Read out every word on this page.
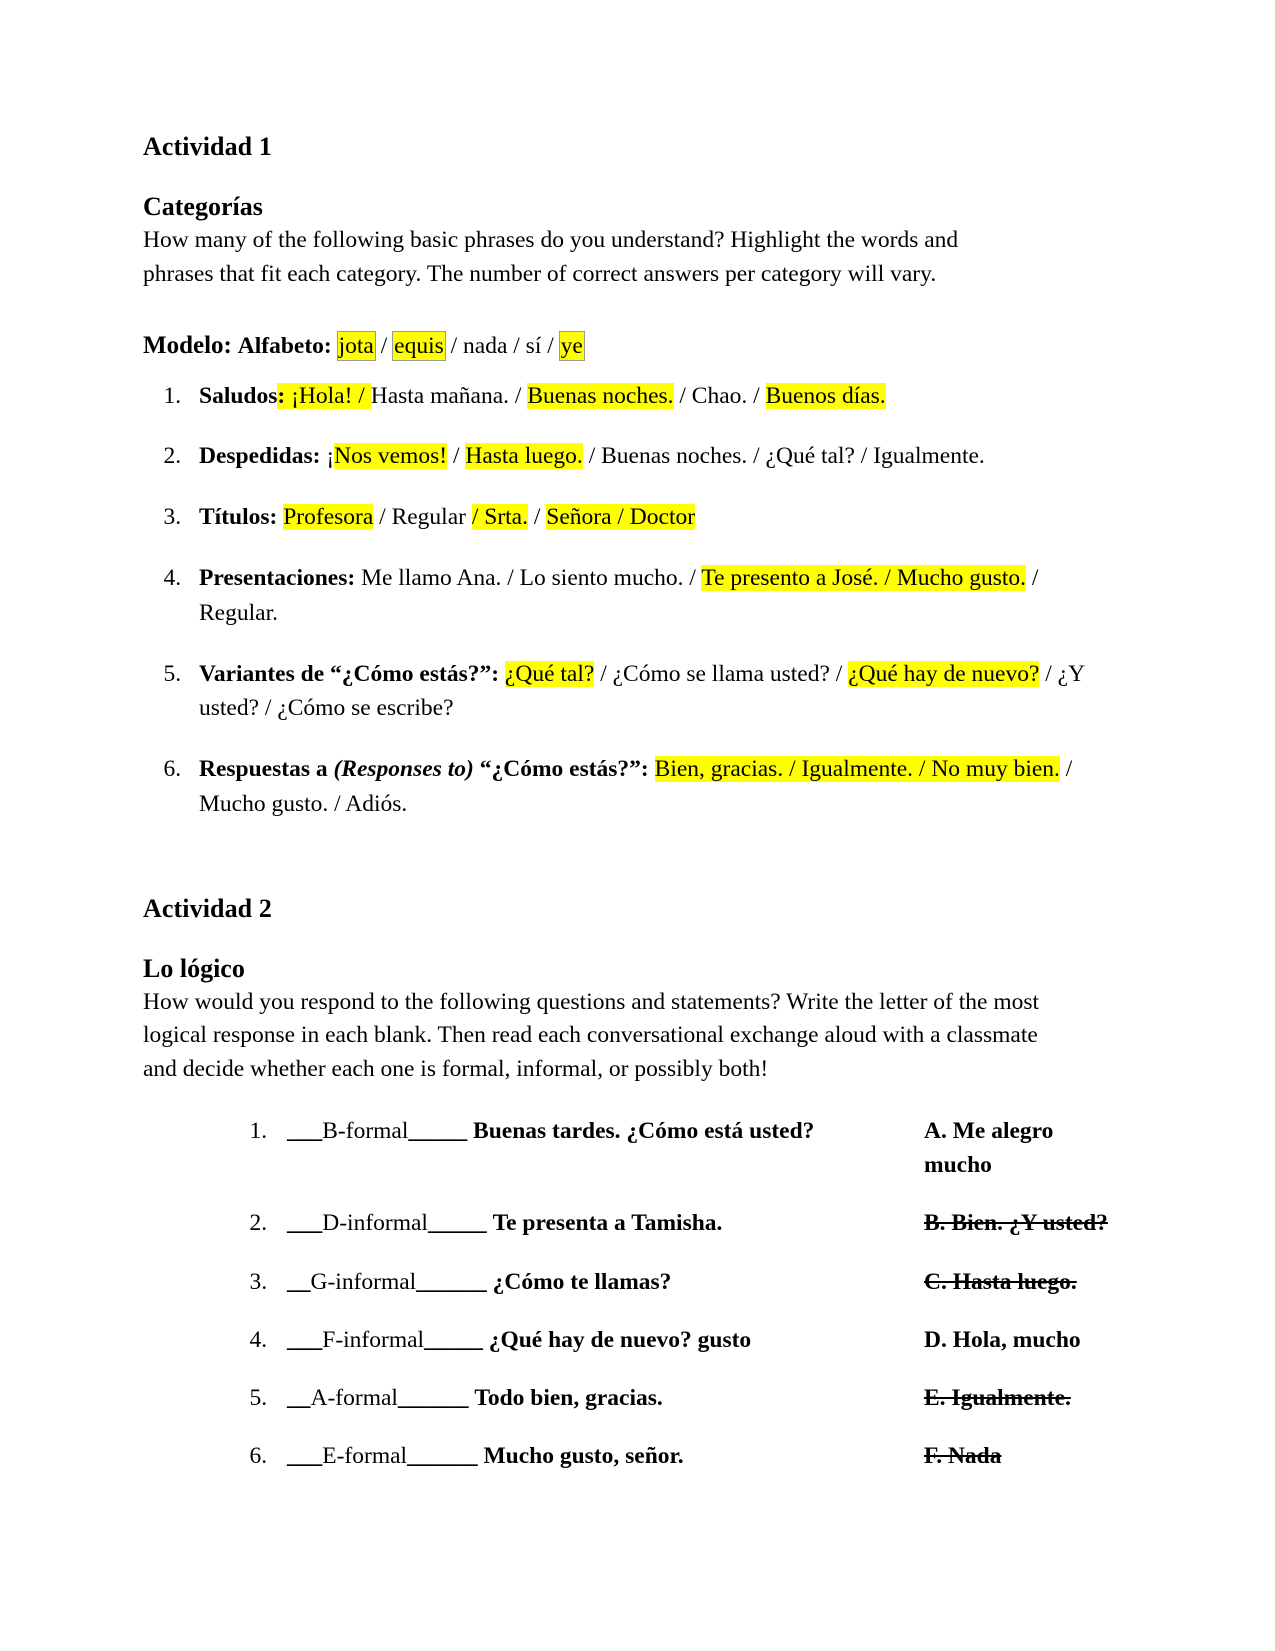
Actividad 1
Categorías

How many of the following basic phrases do you understand? Highlight the words and phrases that fit each category. The number of correct answers per category will vary.

Modelo: Alfabeto: jota / equis / nada / sí / ye
1. Saludos: ¡Hola! / Hasta mañana. / Buenas noches. / Chao. / Buenos días.
2. Despedidas: ¡Nos vemos! / Hasta luego. / Buenas noches. / ¿Qué tal? / Igualmente.
3. Títulos: Profesora / Regular / Srta. / Señora / Doctor
4. Presentaciones: Me llamo Ana. / Lo siento mucho. / Te presento a José. / Mucho gusto. / Regular.
5. Variantes de “¿Cómo estás?”: ¿Qué tal? / ¿Cómo se llama usted? / ¿Qué hay de nuevo? / ¿Y usted? / ¿Cómo se escribe?
6. Respuestas a (Responses to) “¿Cómo estás?”: Bien, gracias. / Igualmente. / No muy bien. / Mucho gusto. / Adiós.
Actividad 2
Lo lógico

How would you respond to the following questions and statements? Write the letter of the most logical response in each blank. Then read each conversational exchange aloud with a classmate and decide whether each one is formal, informal, or possibly both!

1. ___B-formal_____ Buenas tardes. ¿Cómo está usted?	A. Me alegro mucho
2. ___D-informal_____ Te presenta a Tamisha.	B. Bien. ¿Y usted?
3. __G-informal______ ¿Cómo te llamas?	C. Hasta luego.
4. ___F-informal_____ ¿Qué hay de nuevo? gusto	D. Hola, mucho
5. __A-formal______ Todo bien, gracias.	E. Igualmente.
6. ___E-formal______ Mucho gusto, señor.	F. Nada
